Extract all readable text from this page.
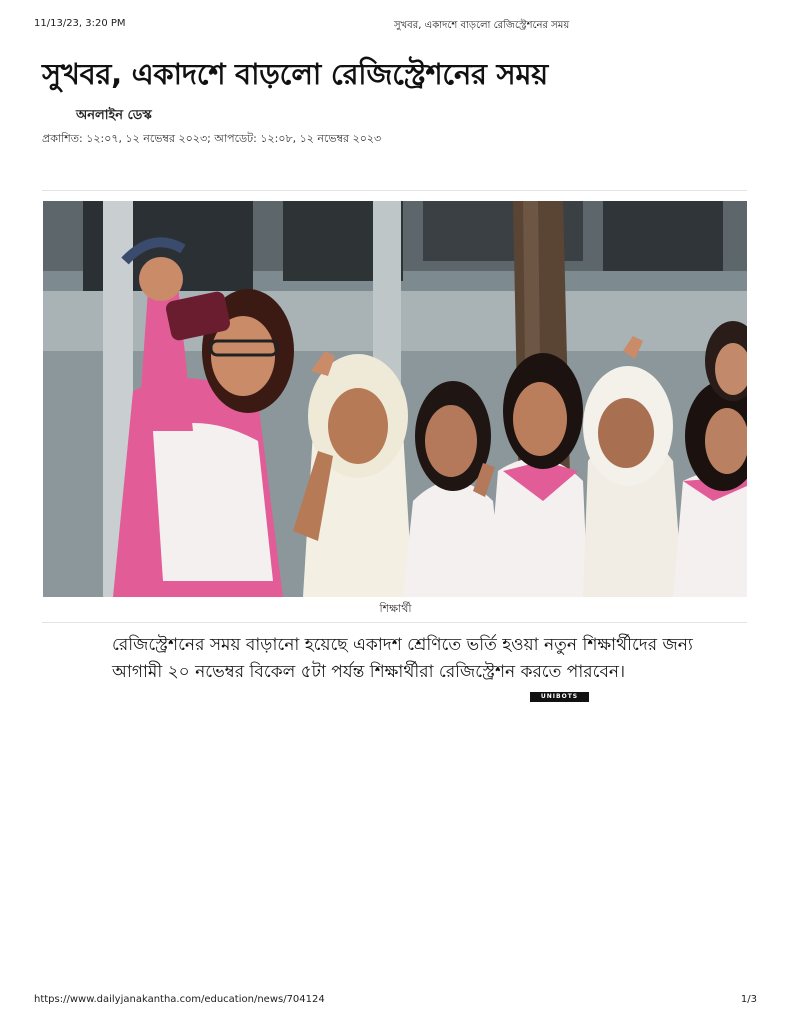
11/13/23, 3:20 PM	সুখবর, একাদশে বাড়লো রেজিস্ট্রেশনের সময়
সুখবর, একাদশে বাড়লো রেজিস্ট্রেশনের সময়
অনলাইন ডেস্ক
প্রকাশিত: ১২:০৭, ১২ নভেম্বর ২০২৩; আপডেট: ১২:০৮, ১২ নভেম্বর ২০২৩
শিক্ষার্থী
রেজিস্ট্রেশনের সময় বাড়ানো হয়েছে একাদশ শ্রেণিতে ভর্তি হওয়া নতুন শিক্ষার্থীদের জন্য
আগামী ২০ নভেম্বর বিকেল ৫টা পর্যন্ত শিক্ষার্থীরা রেজিস্ট্রেশন করতে পারবেন।
UNIBOTS
https://www.dailyjanakantha.com/education/news/704124	1/3
